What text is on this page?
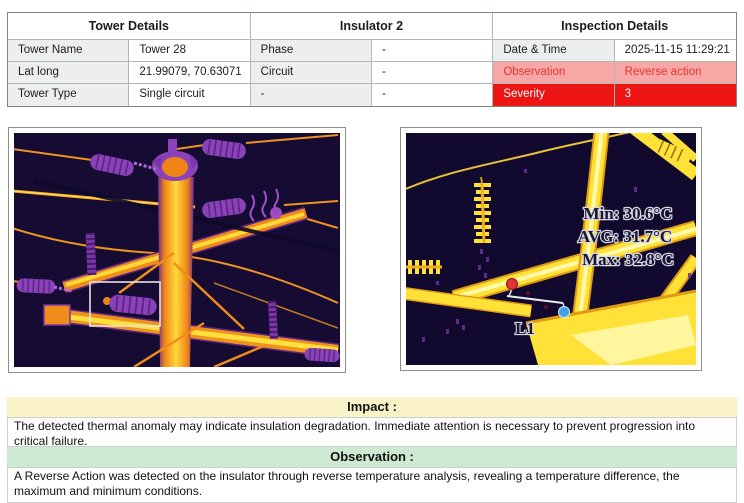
Tower Details	Insulator 2	Inspection Details
Tower Name	Tower 28	Phase	-	Date & Time	2025-11-15 11:29:21
Lat long	21.99079, 70.63071	Circuit	-	Observation	Reverse action
Tower Type	Single circuit	-	-	Severity	3
Min: 30.6°C
AVG: 31.7°C
Max: 32.8°C
L1
Impact :
The detected thermal anomaly may indicate insulation degradation. Immediate attention is necessary to prevent progression into critical failure.
Observation :
A Reverse Action was detected on the insulator through reverse temperature analysis, revealing a temperature difference, the maximum and minimum conditions.
